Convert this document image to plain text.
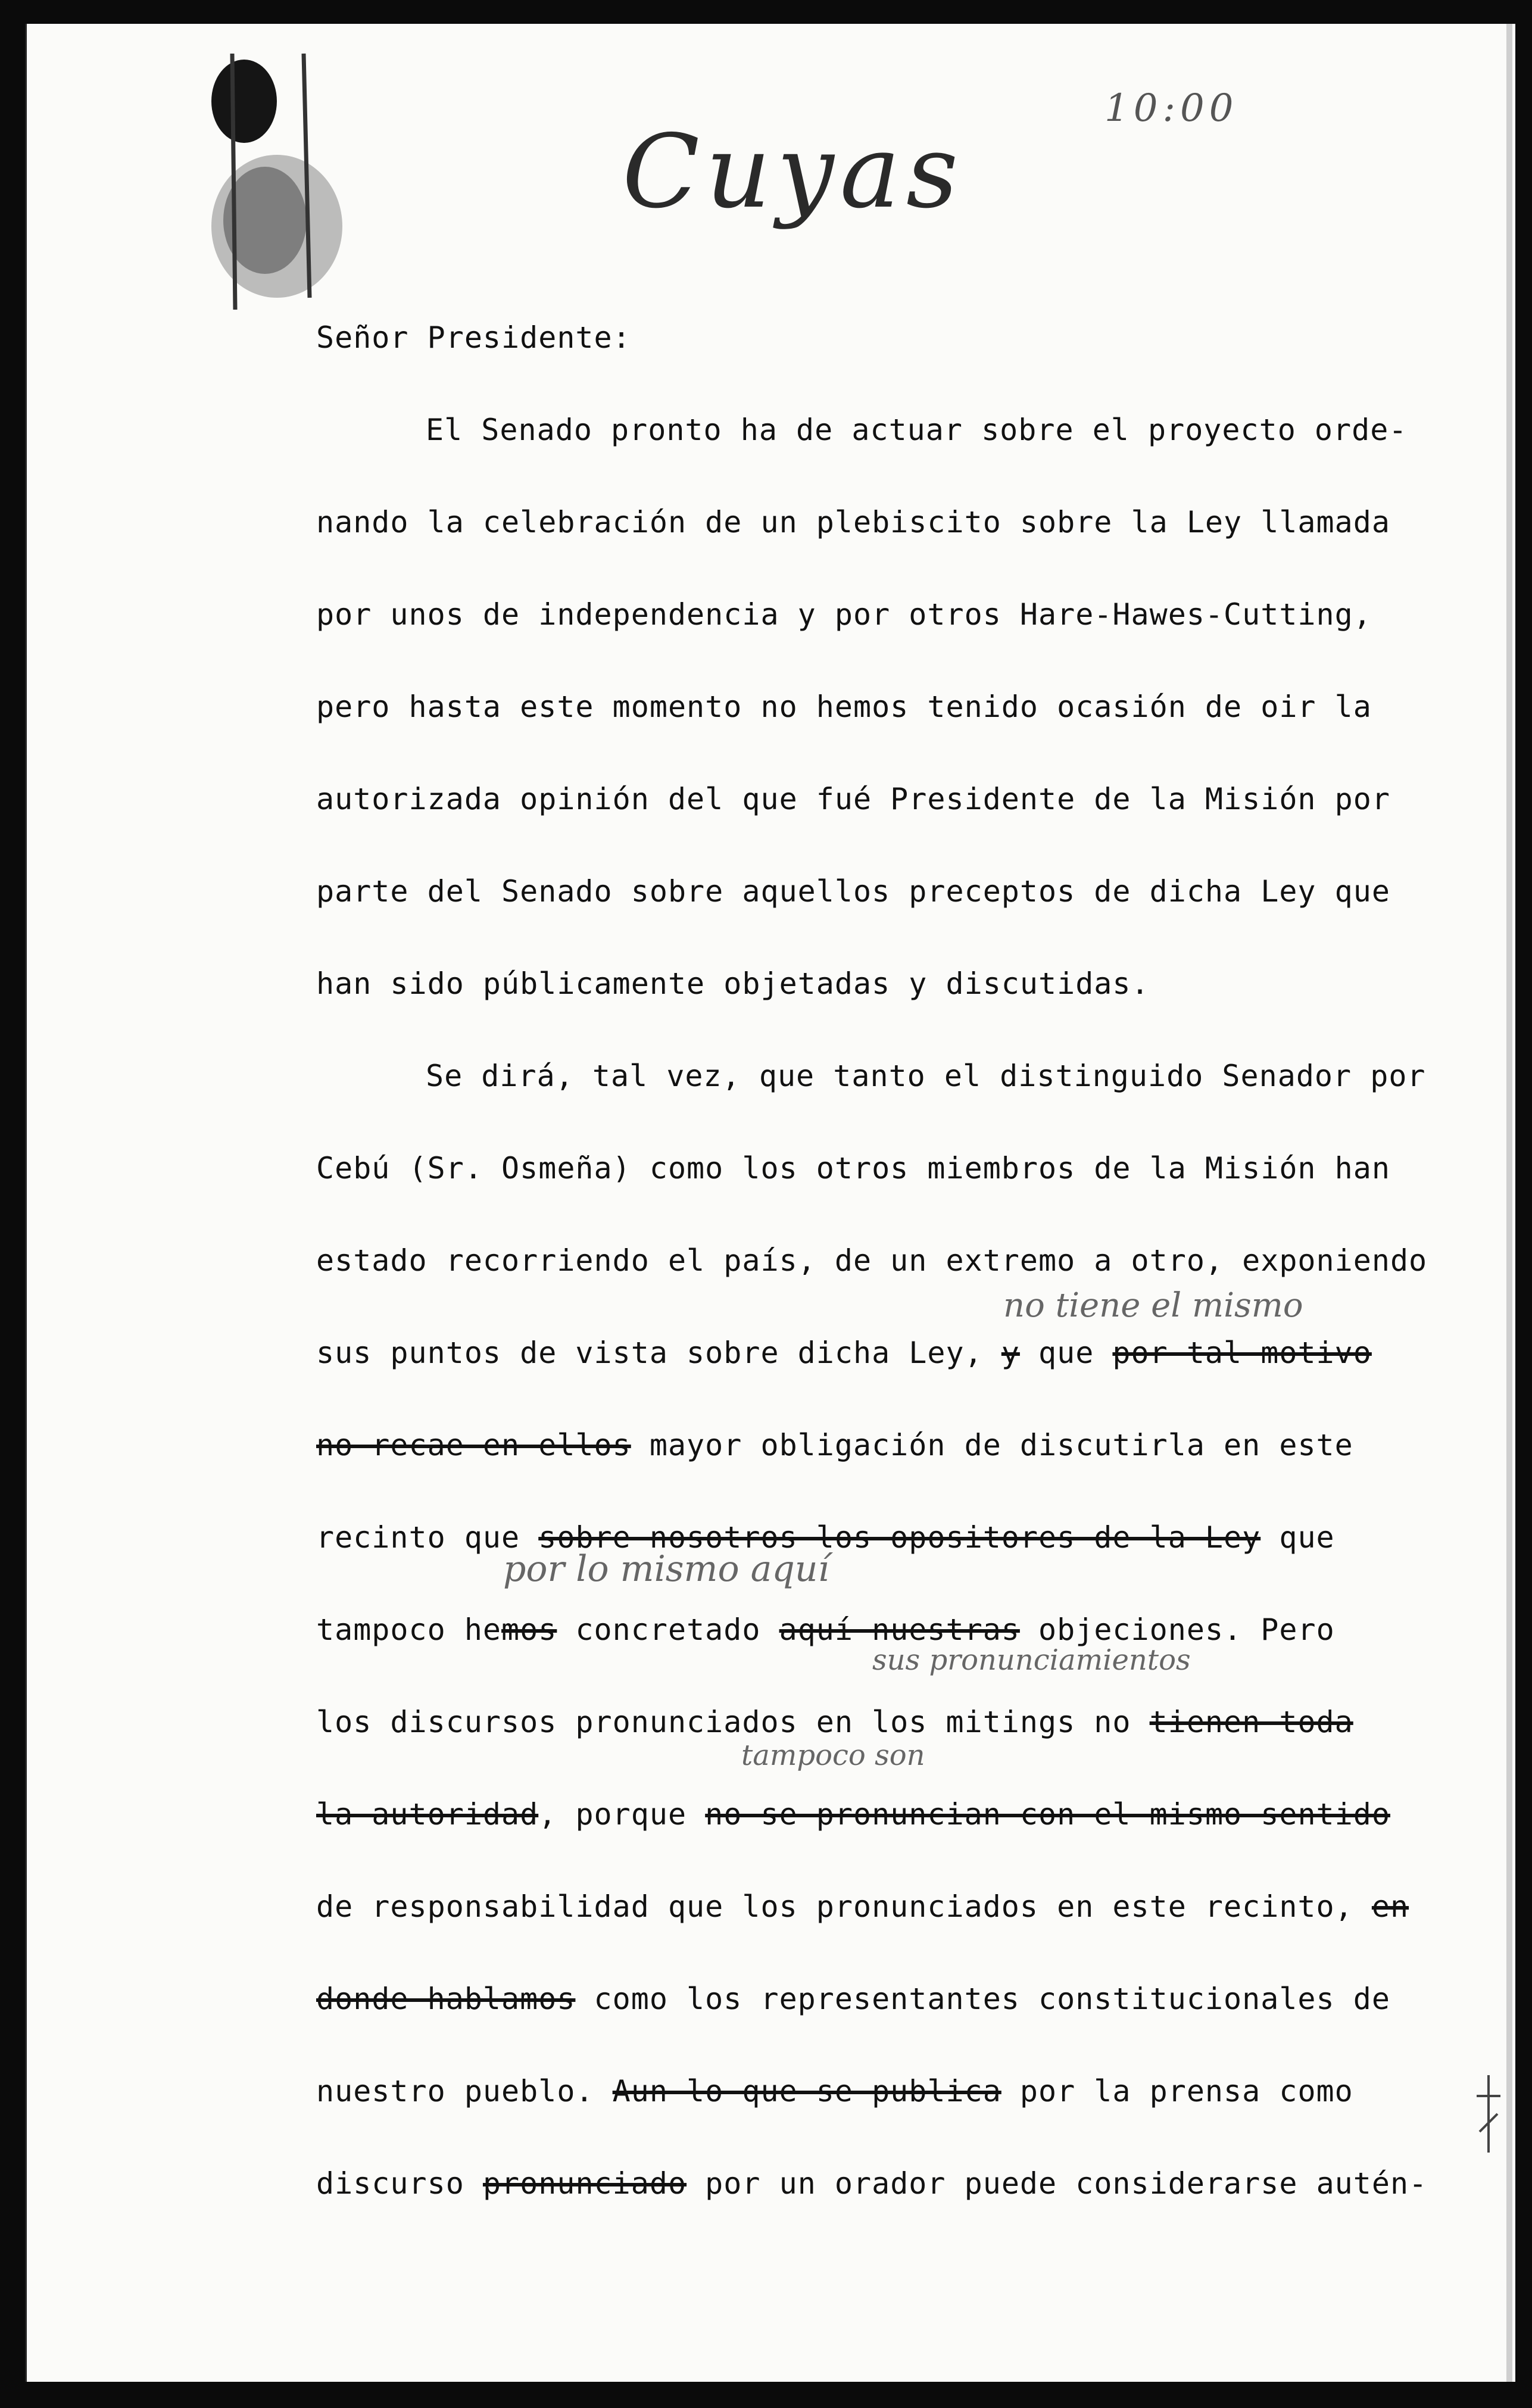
Cuyas
10:00
no tiene el mismo
por lo mismo aquí
sus pronunciamientos
tampoco son
Señor Presidente:
El Senado pronto ha de actuar sobre el proyecto orde-
nando la celebración de un plebiscito sobre la Ley llamada
por unos de independencia y por otros Hare-Hawes-Cutting,
pero hasta este momento no hemos tenido ocasión de oir la
autorizada opinión del que fué Presidente de la Misión por
parte del Senado sobre aquellos preceptos de dicha Ley que
han sido públicamente objetadas y discutidas.
Se dirá, tal vez, que tanto el distinguido Senador por
Cebú (Sr. Osmeña) como los otros miembros de la Misión han
estado recorriendo el país, de un extremo a otro, exponiendo
sus puntos de vista sobre dicha Ley, y que por tal motivo
no recae en ellos mayor obligación de discutirla en este
recinto que sobre nosotros los opositores de la Ley que
tampoco hemos concretado aquí nuestras objeciones. Pero
los discursos pronunciados en los mitings no tienen toda
la autoridad, porque no se pronuncian con el mismo sentido
de responsabilidad que los pronunciados en este recinto, en
donde hablamos como los representantes constitucionales de
nuestro pueblo. Aun lo que se publica por la prensa como
discurso pronunciado por un orador puede considerarse autén-
